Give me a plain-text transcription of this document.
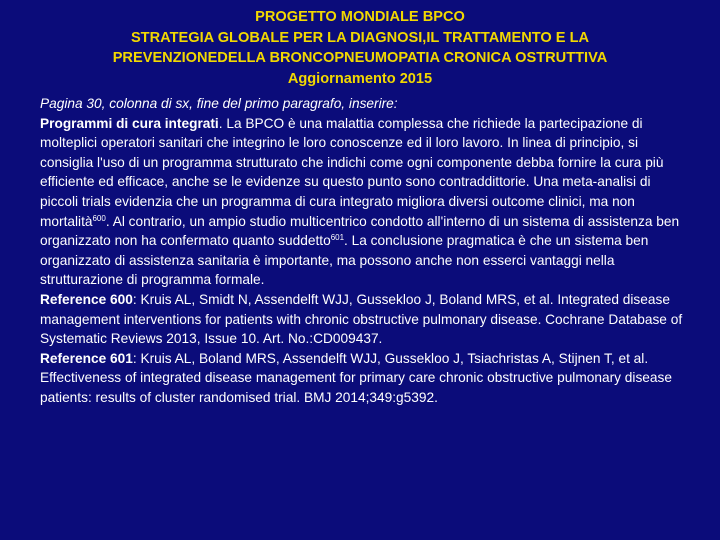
PROGETTO MONDIALE BPCO
STRATEGIA GLOBALE PER LA DIAGNOSI,IL TRATTAMENTO E LA
PREVENZIONEDELLA BRONCOPNEUMOPATIA CRONICA OSTRUTTIVA
Aggiornamento 2015
Pagina 30, colonna di sx, fine del primo paragrafo, inserire:

Programmi di cura integrati. La BPCO è una malattia complessa che richiede la partecipazione di molteplici operatori sanitari che integrino le loro conoscenze ed il loro lavoro. In linea di principio, si consiglia l'uso di un programma strutturato che indichi come ogni componente debba fornire la cura più efficiente ed efficace, anche se le evidenze su questo punto sono contraddittorie. Una meta-analisi di piccoli trials evidenzia che un programma di cura integrato migliora diversi outcome clinici, ma non mortalità$^{600}$. Al contrario, un ampio studio multicentrico condotto all'interno di un sistema di assistenza ben organizzato non ha confermato quanto suddetto$^{601}$. La conclusione pragmatica è che un sistema ben organizzato di assistenza sanitaria è importante, ma possono anche non esserci vantaggi nella strutturazione di programma formale.

Reference 600: Kruis AL, Smidt N, Assendelft WJJ, Gussekloo J, Boland MRS, et al. Integrated disease management interventions for patients with chronic obstructive pulmonary disease. Cochrane Database of Systematic Reviews 2013, Issue 10. Art. No.:CD009437.

Reference 601: Kruis AL, Boland MRS, Assendelft WJJ, Gussekloo J, Tsiachristas A, Stijnen T, et al. Effectiveness of integrated disease management for primary care chronic obstructive pulmonary disease patients: results of cluster randomised trial. BMJ 2014;349:g5392.
